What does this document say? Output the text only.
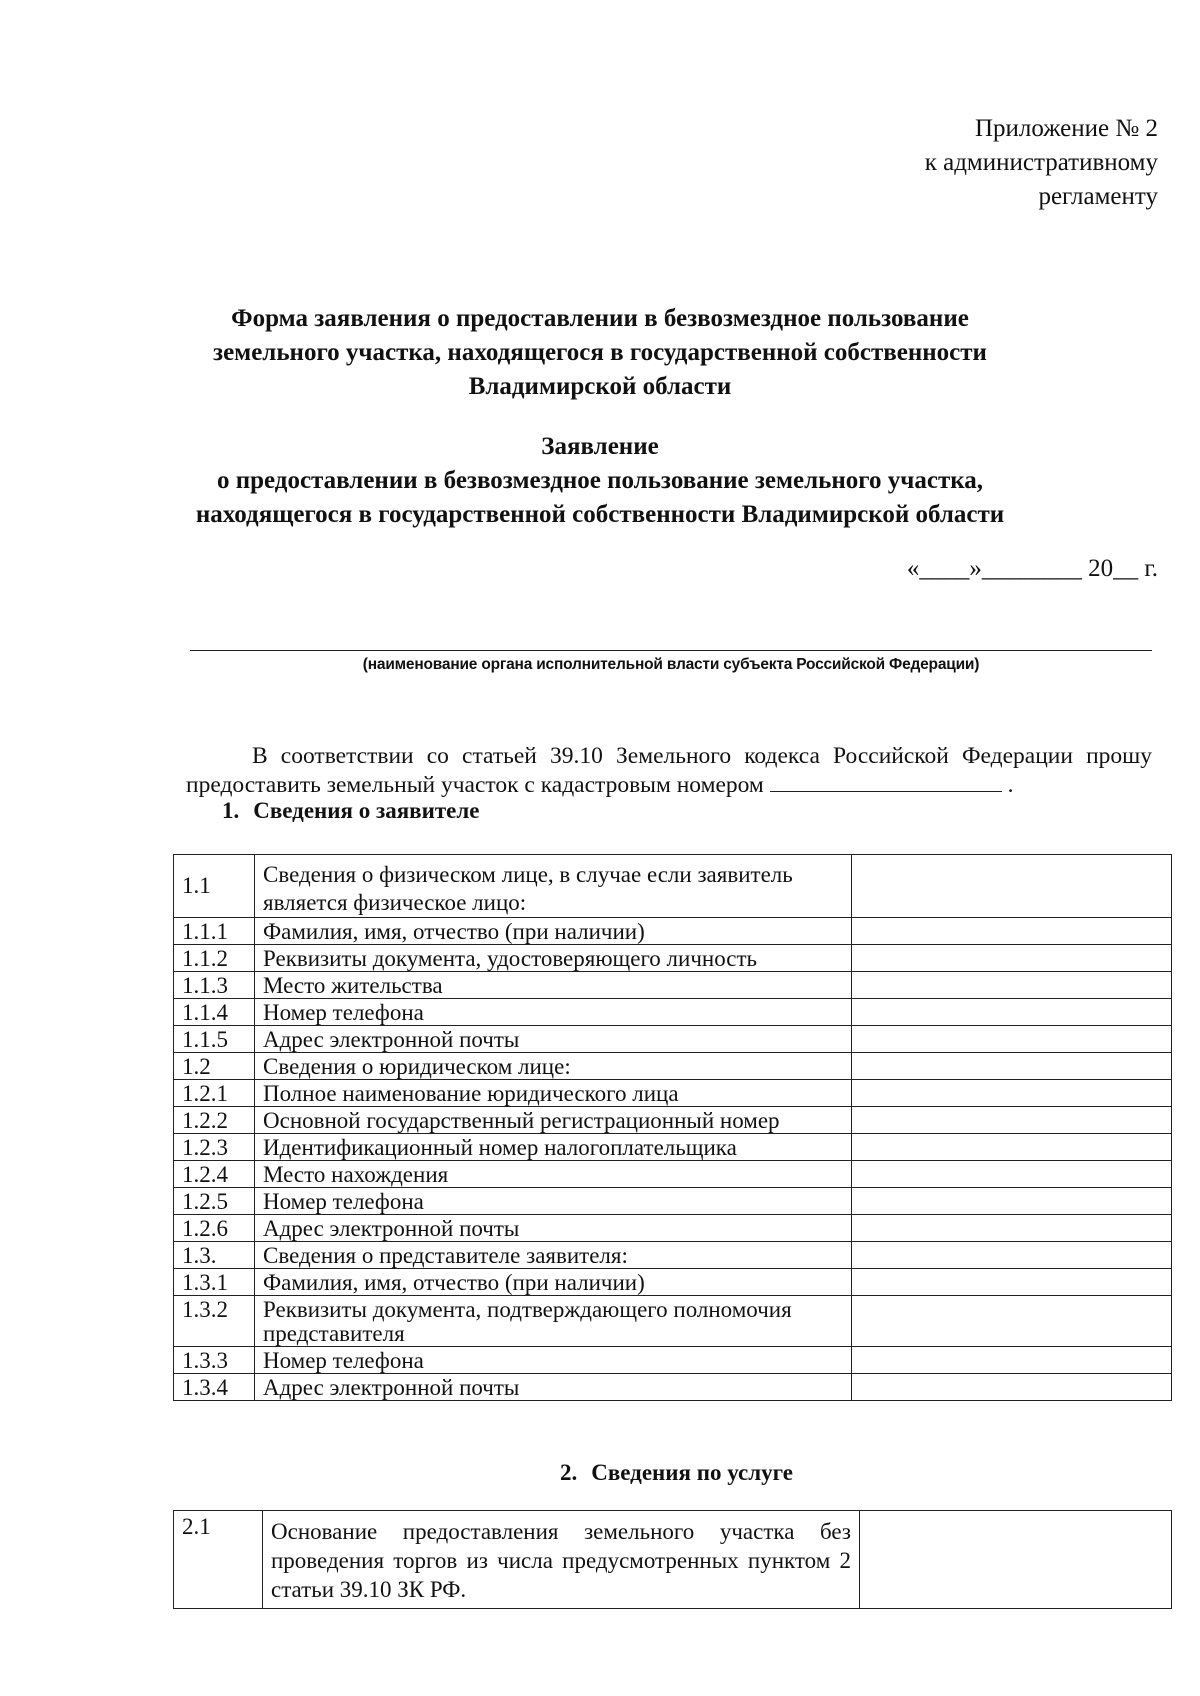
Приложение № 2
к административному
регламенту
Форма заявления о предоставлении в безвозмездное пользование
земельного участка, находящегося в государственной собственности
Владимирской области
Заявление
о предоставлении в безвозмездное пользование земельного участка,
находящегося в государственной собственности Владимирской области
«____»________ 20__ г.
(наименование органа исполнительной власти субъекта Российской Федерации)
В соответствии со статьей 39.10 Земельного кодекса Российской Федерации прошу
предоставить земельный участок с кадастровым номером	.
1. Сведения о заявителе
1.1	Сведения о физическом лице, в случае если заявитель является физическое лицо:	
1.1.1	Фамилия, имя, отчество (при наличии)	
1.1.2	Реквизиты документа, удостоверяющего личность	
1.1.3	Место жительства	
1.1.4	Номер телефона	
1.1.5	Адрес электронной почты	
1.2	Сведения о юридическом лице:	
1.2.1	Полное наименование юридического лица	
1.2.2	Основной государственный регистрационный номер	
1.2.3	Идентификационный номер налогоплательщика	
1.2.4	Место нахождения	
1.2.5	Номер телефона	
1.2.6	Адрес электронной почты	
1.3.	Сведения о представителе заявителя:	
1.3.1	Фамилия, имя, отчество (при наличии)	
1.3.2	Реквизиты документа, подтверждающего полномочия представителя	
1.3.3	Номер телефона	
1.3.4	Адрес электронной почты	
2. Сведения по услуге
2.1	Основание предоставления земельного участка без проведения торгов из числа предусмотренных пунктом 2 статьи 39.10 ЗК РФ.	
